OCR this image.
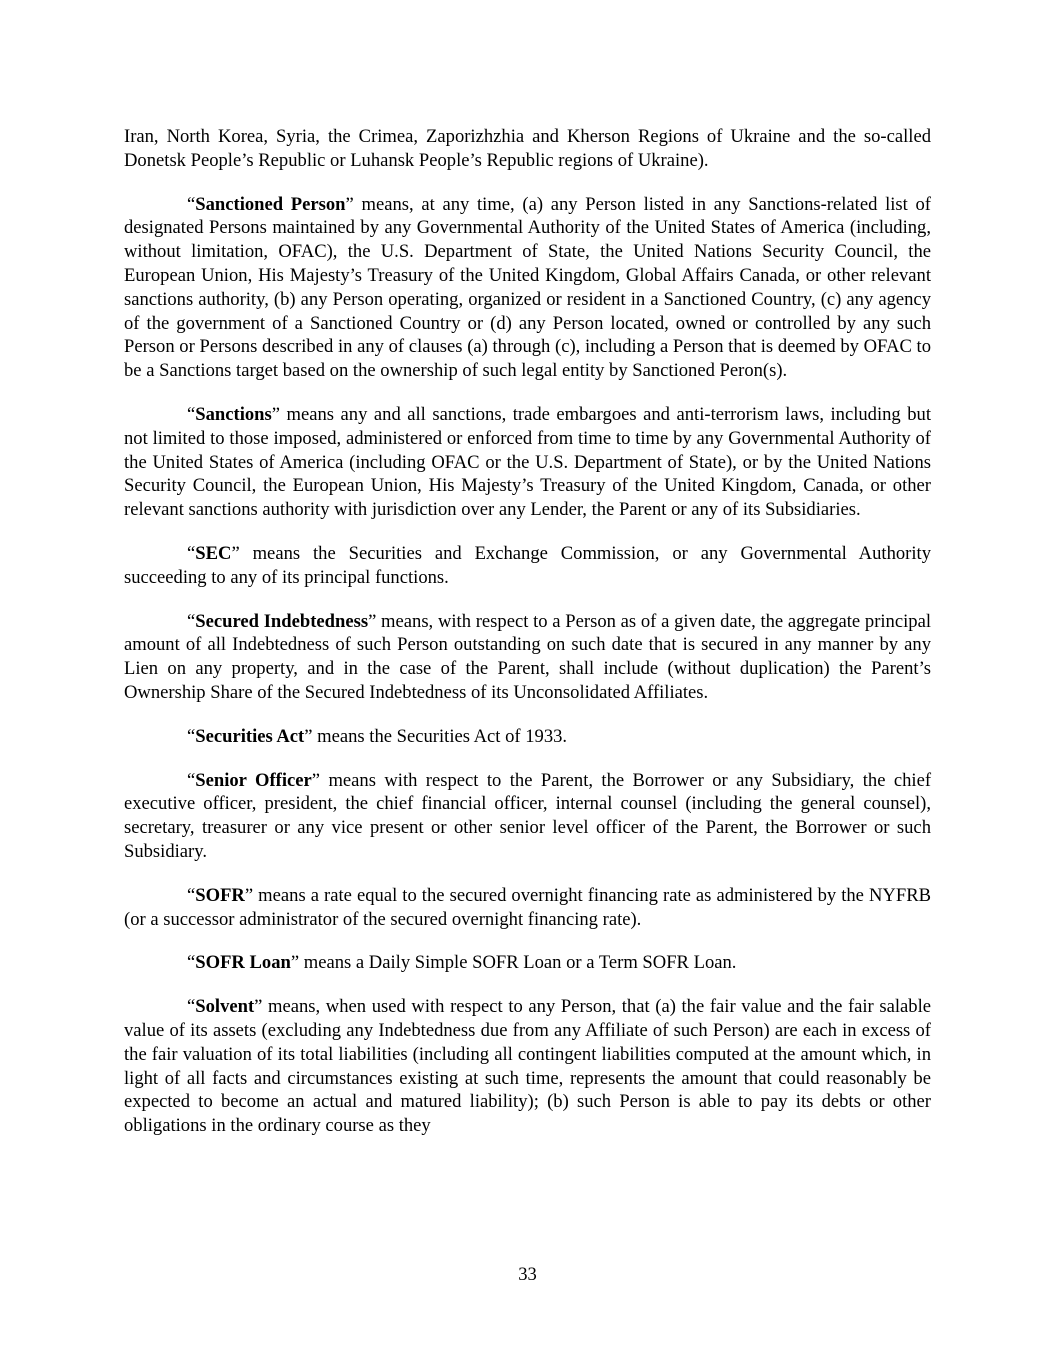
Iran, North Korea, Syria, the Crimea, Zaporizhzhia and Kherson Regions of Ukraine and the so-called Donetsk People’s Republic or Luhansk People’s Republic regions of Ukraine).

“Sanctioned Person” means, at any time, (a) any Person listed in any Sanctions-related list of designated Persons maintained by any Governmental Authority of the United States of America (including, without limitation, OFAC), the U.S. Department of State, the United Nations Security Council, the European Union, His Majesty’s Treasury of the United Kingdom, Global Affairs Canada, or other relevant sanctions authority, (b) any Person operating, organized or resident in a Sanctioned Country, (c) any agency of the government of a Sanctioned Country or (d) any Person located, owned or controlled by any such Person or Persons described in any of clauses (a) through (c), including a Person that is deemed by OFAC to be a Sanctions target based on the ownership of such legal entity by Sanctioned Peron(s).

“Sanctions” means any and all sanctions, trade embargoes and anti-terrorism laws, including but not limited to those imposed, administered or enforced from time to time by any Governmental Authority of the United States of America (including OFAC or the U.S. Department of State), or by the United Nations Security Council, the European Union, His Majesty’s Treasury of the United Kingdom, Canada, or other relevant sanctions authority with jurisdiction over any Lender, the Parent or any of its Subsidiaries.

“SEC” means the Securities and Exchange Commission, or any Governmental Authority succeeding to any of its principal functions.

“Secured Indebtedness” means, with respect to a Person as of a given date, the aggregate principal amount of all Indebtedness of such Person outstanding on such date that is secured in any manner by any Lien on any property, and in the case of the Parent, shall include (without duplication) the Parent’s Ownership Share of the Secured Indebtedness of its Unconsolidated Affiliates.

“Securities Act” means the Securities Act of 1933.

“Senior Officer” means with respect to the Parent, the Borrower or any Subsidiary, the chief executive officer, president, the chief financial officer, internal counsel (including the general counsel), secretary, treasurer or any vice present or other senior level officer of the Parent, the Borrower or such Subsidiary.

“SOFR” means a rate equal to the secured overnight financing rate as administered by the NYFRB (or a successor administrator of the secured overnight financing rate).

“SOFR Loan” means a Daily Simple SOFR Loan or a Term SOFR Loan.

“Solvent” means, when used with respect to any Person, that (a) the fair value and the fair salable value of its assets (excluding any Indebtedness due from any Affiliate of such Person) are each in excess of the fair valuation of its total liabilities (including all contingent liabilities computed at the amount which, in light of all facts and circumstances existing at such time, represents the amount that could reasonably be expected to become an actual and matured liability); (b) such Person is able to pay its debts or other obligations in the ordinary course as they

33
